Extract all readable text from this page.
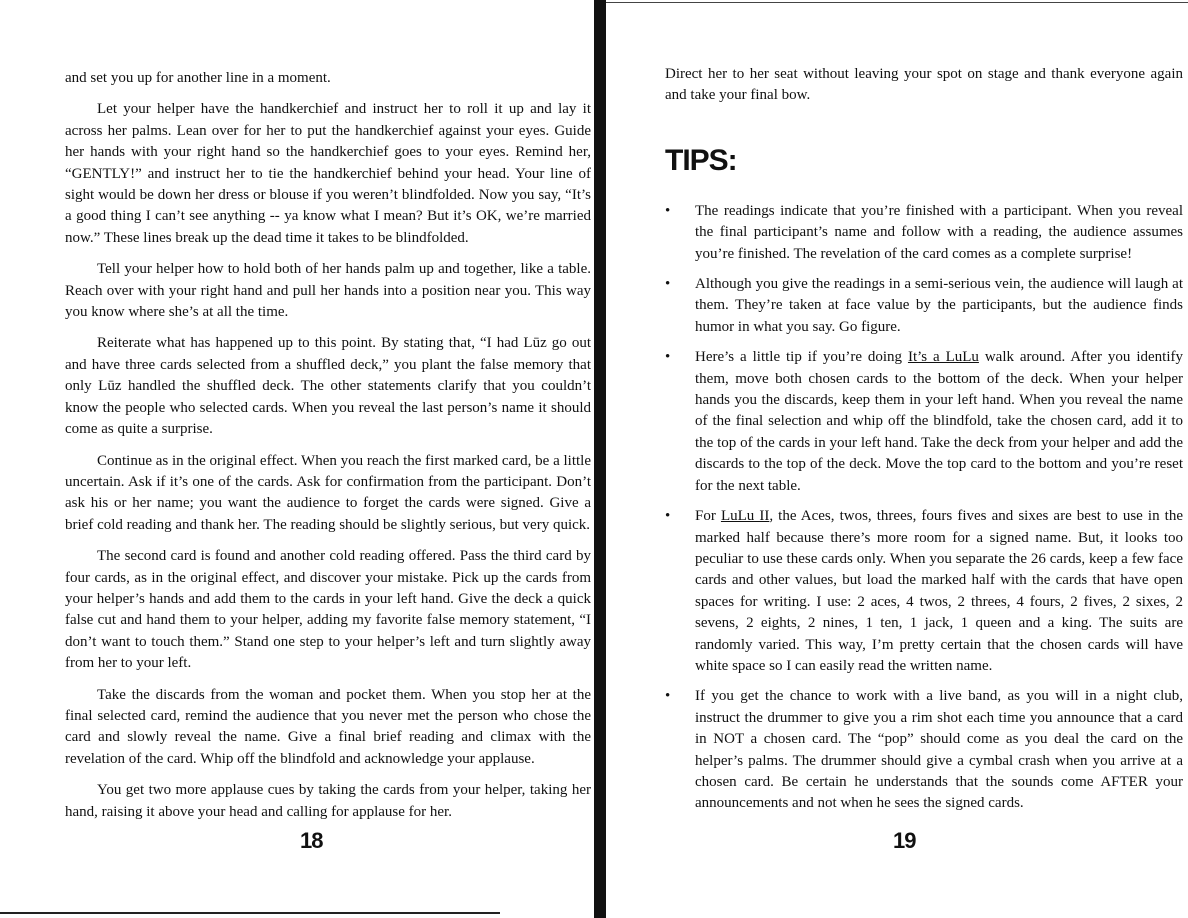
and set you up for another line in a moment.

Let your helper have the handkerchief and instruct her to roll it up and lay it across her palms. Lean over for her to put the handkerchief against your eyes. Guide her hands with your right hand so the handkerchief goes to your eyes. Remind her, “GENTLY!” and instruct her to tie the handkerchief behind your head. Your line of sight would be down her dress or blouse if you weren’t blindfolded. Now you say, “It’s a good thing I can’t see anything -- ya know what I mean? But it’s OK, we’re married now.” These lines break up the dead time it takes to be blindfolded.

Tell your helper how to hold both of her hands palm up and together, like a table. Reach over with your right hand and pull her hands into a position near you. This way you know where she’s at all the time.

Reiterate what has happened up to this point. By stating that, “I had Lūz go out and have three cards selected from a shuffled deck,” you plant the false memory that only Lūz handled the shuffled deck. The other statements clarify that you couldn’t know the people who selected cards. When you reveal the last person’s name it should come as quite a surprise.

Continue as in the original effect. When you reach the first marked card, be a little uncertain. Ask if it’s one of the cards. Ask for confirmation from the participant. Don’t ask his or her name; you want the audience to forget the cards were signed. Give a brief cold reading and thank her. The reading should be slightly serious, but very quick.

The second card is found and another cold reading offered. Pass the third card by four cards, as in the original effect, and discover your mistake. Pick up the cards from your helper’s hands and add them to the cards in your left hand. Give the deck a quick false cut and hand them to your helper, adding my favorite false memory statement, “I don’t want to touch them.” Stand one step to your helper’s left and turn slightly away from her to your left.

Take the discards from the woman and pocket them. When you stop her at the final selected card, remind the audience that you never met the person who chose the card and slowly reveal the name. Give a final brief reading and climax with the revelation of the card. Whip off the blindfold and acknowledge your applause.

You get two more applause cues by taking the cards from your helper, taking her hand, raising it above your head and calling for applause for her.

18

Direct her to her seat without leaving your spot on stage and thank everyone again and take your final bow.

TIPS:
• The readings indicate that you’re finished with a participant. When you reveal the final participant’s name and follow with a reading, the audience assumes you’re finished. The revelation of the card comes as a complete surprise!
• Although you give the readings in a semi-serious vein, the audience will laugh at them. They’re taken at face value by the participants, but the audience finds humor in what you say. Go figure.
• Here’s a little tip if you’re doing It’s a LuLu walk around. After you identify them, move both chosen cards to the bottom of the deck. When your helper hands you the discards, keep them in your left hand. When you reveal the name of the final selection and whip off the blindfold, take the chosen card, add it to the top of the cards in your left hand. Take the deck from your helper and add the discards to the top of the deck. Move the top card to the bottom and you’re reset for the next table.
• For LuLu II, the Aces, twos, threes, fours fives and sixes are best to use in the marked half because there’s more room for a signed name. But, it looks too peculiar to use these cards only. When you separate the 26 cards, keep a few face cards and other values, but load the marked half with the cards that have open spaces for writing. I use: 2 aces, 4 twos, 2 threes, 4 fours, 2 fives, 2 sixes, 2 sevens, 2 eights, 2 nines, 1 ten, 1 jack, 1 queen and a king. The suits are randomly varied. This way, I’m pretty certain that the chosen cards will have white space so I can easily read the written name.
• If you get the chance to work with a live band, as you will in a night club, instruct the drummer to give you a rim shot each time you announce that a card in NOT a chosen card. The “pop” should come as you deal the card on the helper’s palms. The drummer should give a cymbal crash when you arrive at a chosen card. Be certain he understands that the sounds come AFTER your announcements and not when he sees the signed cards.
19
